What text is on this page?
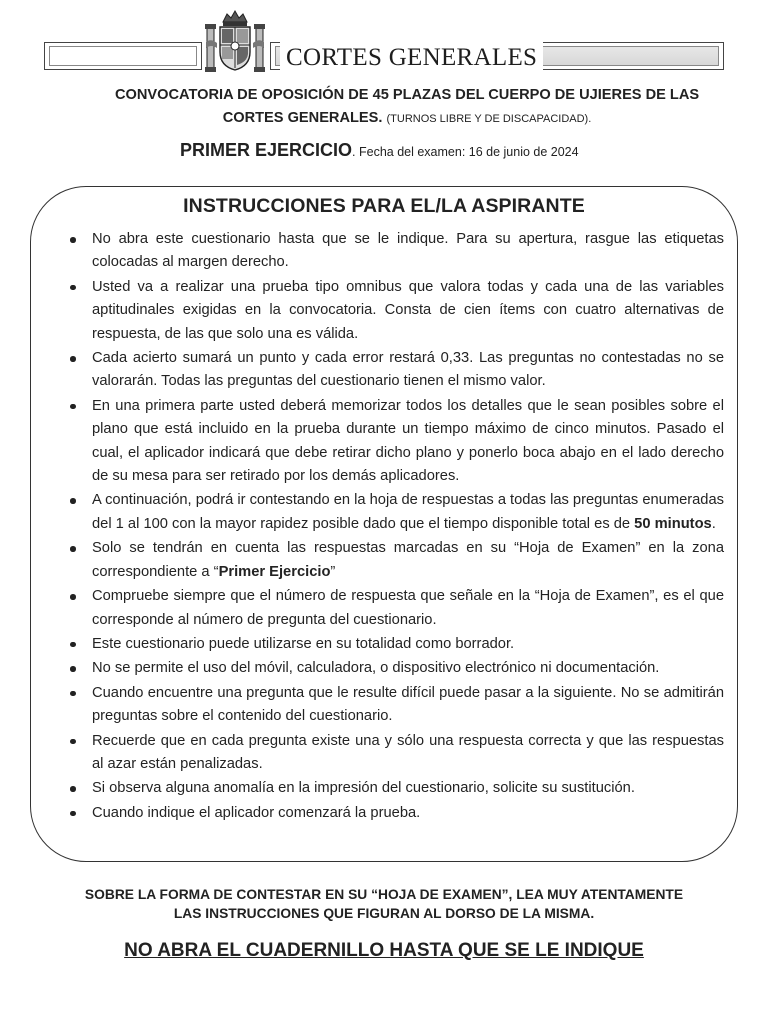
CORTES GENERALES
CONVOCATORIA DE OPOSICIÓN DE 45 PLAZAS DEL CUERPO DE UJIERES DE LAS
CORTES GENERALES. (TURNOS LIBRE Y DE DISCAPACIDAD).
PRIMER EJERCICIO. Fecha del examen: 16 de junio de 2024
INSTRUCCIONES PARA EL/LA ASPIRANTE
No abra este cuestionario hasta que se le indique. Para su apertura, rasgue las etiquetas colocadas al margen derecho.
Usted va a realizar una prueba tipo omnibus que valora todas y cada una de las variables aptitudinales exigidas en la convocatoria. Consta de cien ítems con cuatro alternativas de respuesta, de las que solo una es válida.
Cada acierto sumará un punto y cada error restará 0,33. Las preguntas no contestadas no se valorarán. Todas las preguntas del cuestionario tienen el mismo valor.
En una primera parte usted deberá memorizar todos los detalles que le sean posibles sobre el plano que está incluido en la prueba durante un tiempo máximo de cinco minutos. Pasado el cual, el aplicador indicará que debe retirar dicho plano y ponerlo boca abajo en el lado derecho de su mesa para ser retirado por los demás aplicadores.
A continuación, podrá ir contestando en la hoja de respuestas a todas las preguntas enumeradas del 1 al 100 con la mayor rapidez posible dado que el tiempo disponible total es de 50 minutos.
Solo se tendrán en cuenta las respuestas marcadas en su “Hoja de Examen” en la zona correspondiente a “Primer Ejercicio”
Compruebe siempre que el número de respuesta que señale en la “Hoja de Examen”, es el que corresponde al número de pregunta del cuestionario.
Este cuestionario puede utilizarse en su totalidad como borrador.
No se permite el uso del móvil, calculadora, o dispositivo electrónico ni documentación.
Cuando encuentre una pregunta que le resulte difícil puede pasar a la siguiente. No se admitirán preguntas sobre el contenido del cuestionario.
Recuerde que en cada pregunta existe una y sólo una respuesta correcta y que las respuestas al azar están penalizadas.
Si observa alguna anomalía en la impresión del cuestionario, solicite su sustitución.
Cuando indique el aplicador comenzará la prueba.
SOBRE LA FORMA DE CONTESTAR EN SU “HOJA DE EXAMEN”, LEA MUY ATENTAMENTE
LAS INSTRUCCIONES QUE FIGURAN AL DORSO DE LA MISMA.
NO ABRA EL CUADERNILLO HASTA QUE SE LE INDIQUE
